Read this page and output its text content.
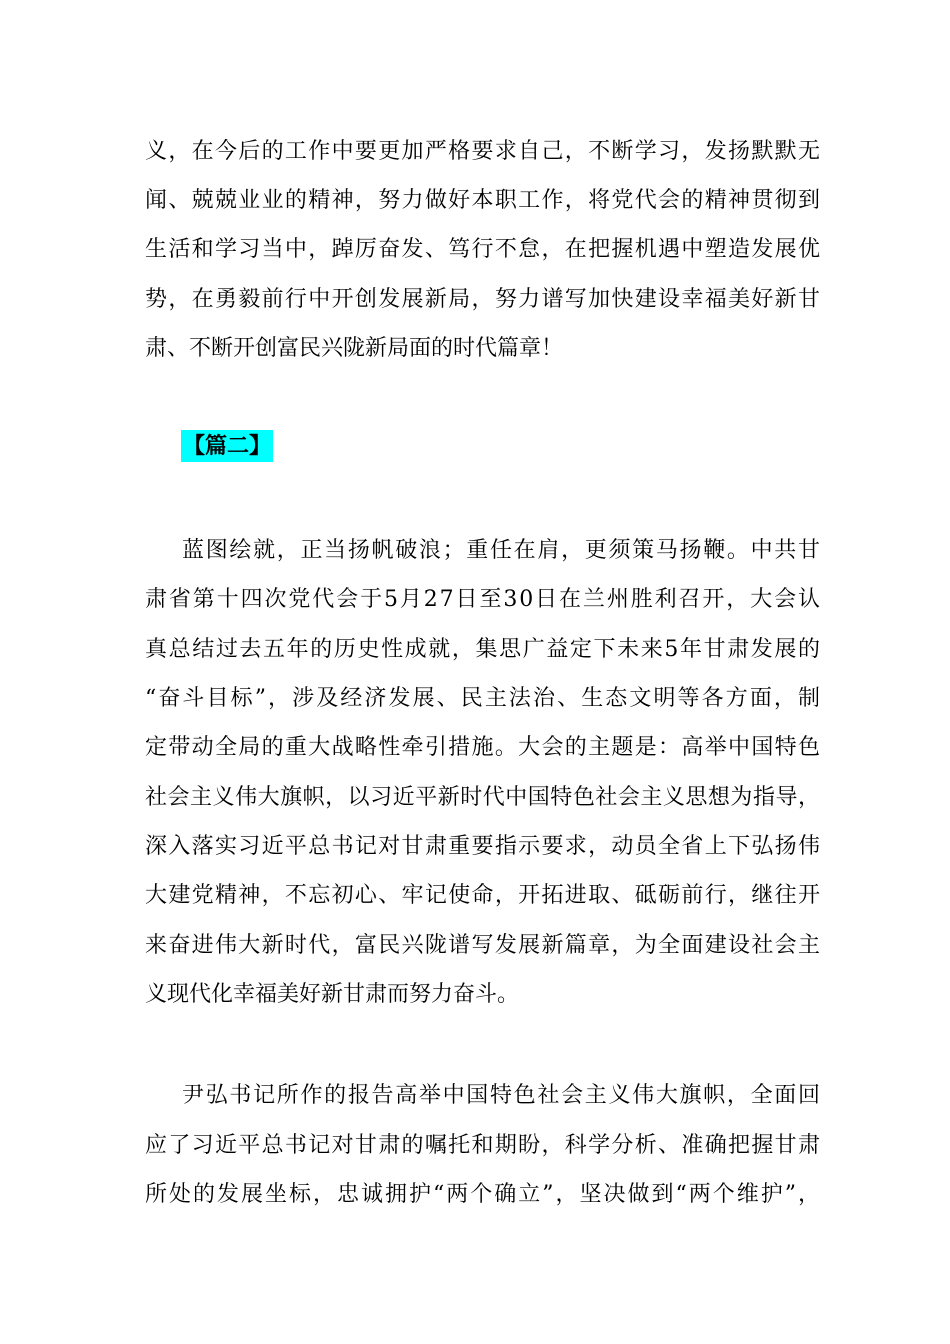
义，在今后的工作中要更加严格要求自己，不断学习，发扬默默无
闻、兢兢业业的精神，努力做好本职工作，将党代会的精神贯彻到
生活和学习当中，踔厉奋发、笃行不怠，在把握机遇中塑造发展优
势，在勇毅前行中开创发展新局，努力谱写加快建设幸福美好新甘
肃、不断开创富民兴陇新局面的时代篇章！
【篇二】
蓝图绘就，正当扬帆破浪；重任在肩，更须策马扬鞭。中共甘
肃省第十四次党代会于5月27日至30日在兰州胜利召开，大会认
真总结过去五年的历史性成就，集思广益定下未来5年甘肃发展的
“奋斗目标”，涉及经济发展、民主法治、生态文明等各方面，制
定带动全局的重大战略性牵引措施。大会的主题是：高举中国特色
社会主义伟大旗帜，以习近平新时代中国特色社会主义思想为指导，
深入落实习近平总书记对甘肃重要指示要求，动员全省上下弘扬伟
大建党精神，不忘初心、牢记使命，开拓进取、砥砺前行，继往开
来奋进伟大新时代，富民兴陇谱写发展新篇章，为全面建设社会主
义现代化幸福美好新甘肃而努力奋斗。
尹弘书记所作的报告高举中国特色社会主义伟大旗帜，全面回
应了习近平总书记对甘肃的嘱托和期盼，科学分析、准确把握甘肃
所处的发展坐标，忠诚拥护“两个确立”，坚决做到“两个维护”，
